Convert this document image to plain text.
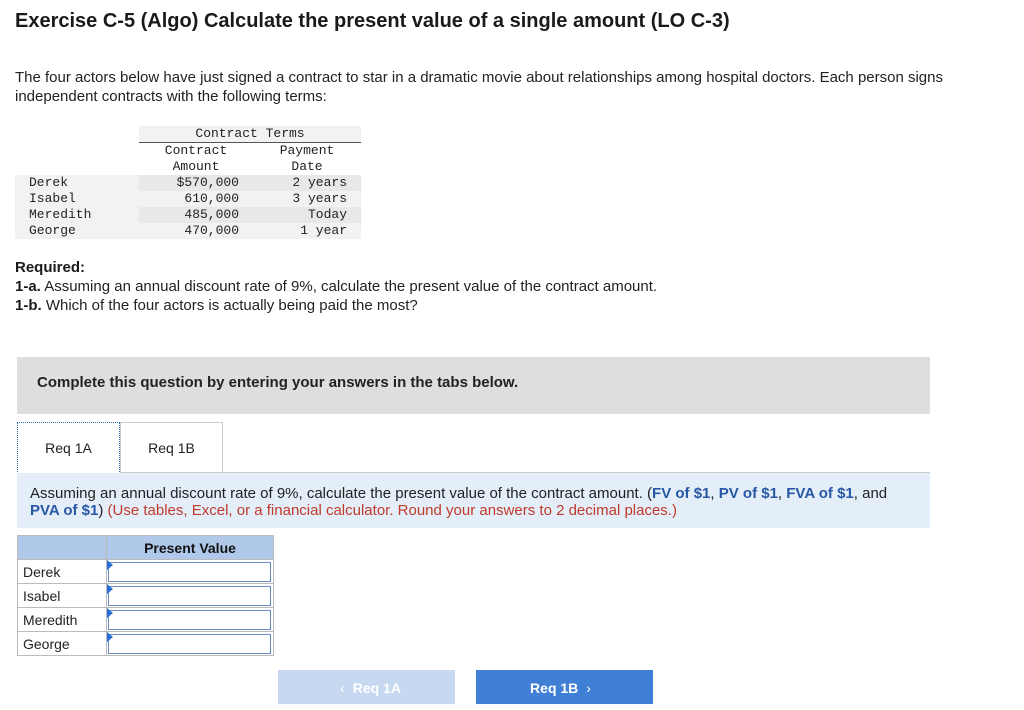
Exercise C-5 (Algo) Calculate the present value of a single amount (LO C-3)
The four actors below have just signed a contract to star in a dramatic movie about relationships among hospital doctors. Each person signs independent contracts with the following terms:
	Contract Terms	
	Contract	Payment
	Amount	Date
Derek	$570,000	2 years
Isabel	610,000	3 years
Meredith	485,000	Today
George	470,000	1 year
Required:
1-a. Assuming an annual discount rate of 9%, calculate the present value of the contract amount.
1-b. Which of the four actors is actually being paid the most?
Complete this question by entering your answers in the tabs below.
Req 1A	Req 1B
Assuming an annual discount rate of 9%, calculate the present value of the contract amount. (FV of $1, PV of $1, FVA of $1, and PVA of $1) (Use tables, Excel, or a financial calculator. Round your answers to 2 decimal places.)
	Present Value
Derek	

Isabel	

Meredith	

George	
‹ Req 1A	Req 1B ›
